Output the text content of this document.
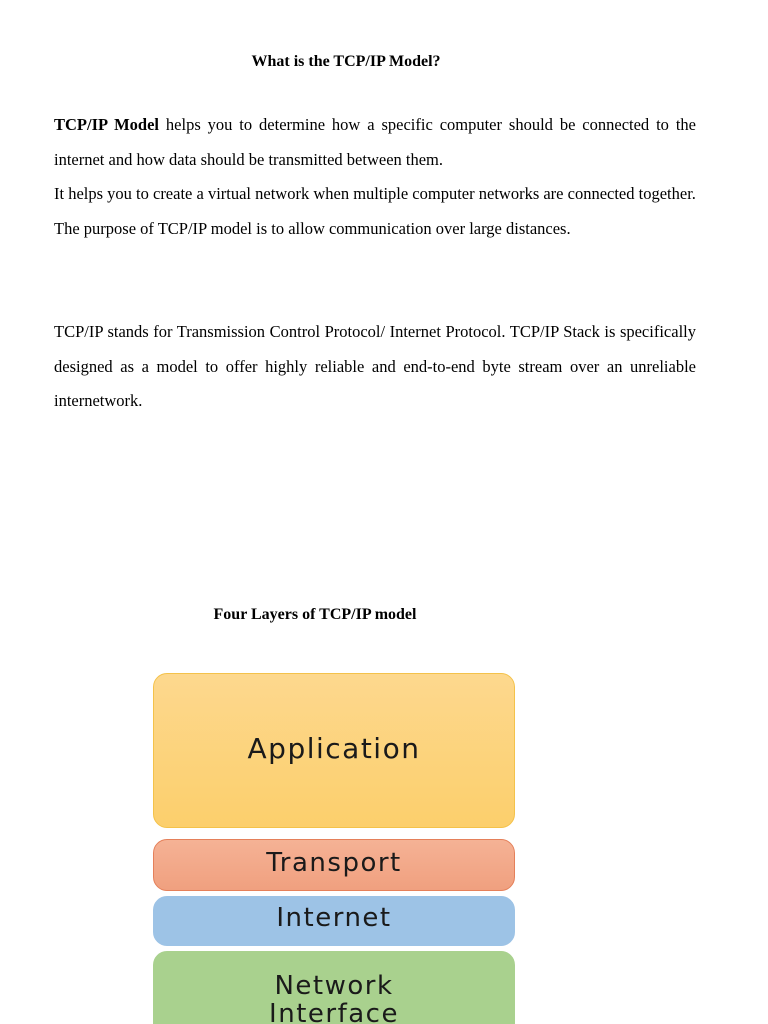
What is the TCP/IP Model?

TCP/IP Model helps you to determine how a specific computer should be connected to the internet and how data should be transmitted between them.

It helps you to create a virtual network when multiple computer networks are connected together.

The purpose of TCP/IP model is to allow communication over large distances.

TCP/IP stands for Transmission Control Protocol/ Internet Protocol. TCP/IP Stack is specifically designed as a model to offer highly reliable and end-to-end byte stream over an unreliable internetwork.

Four Layers of TCP/IP model
Application
Transport
Internet
Network
Interface
